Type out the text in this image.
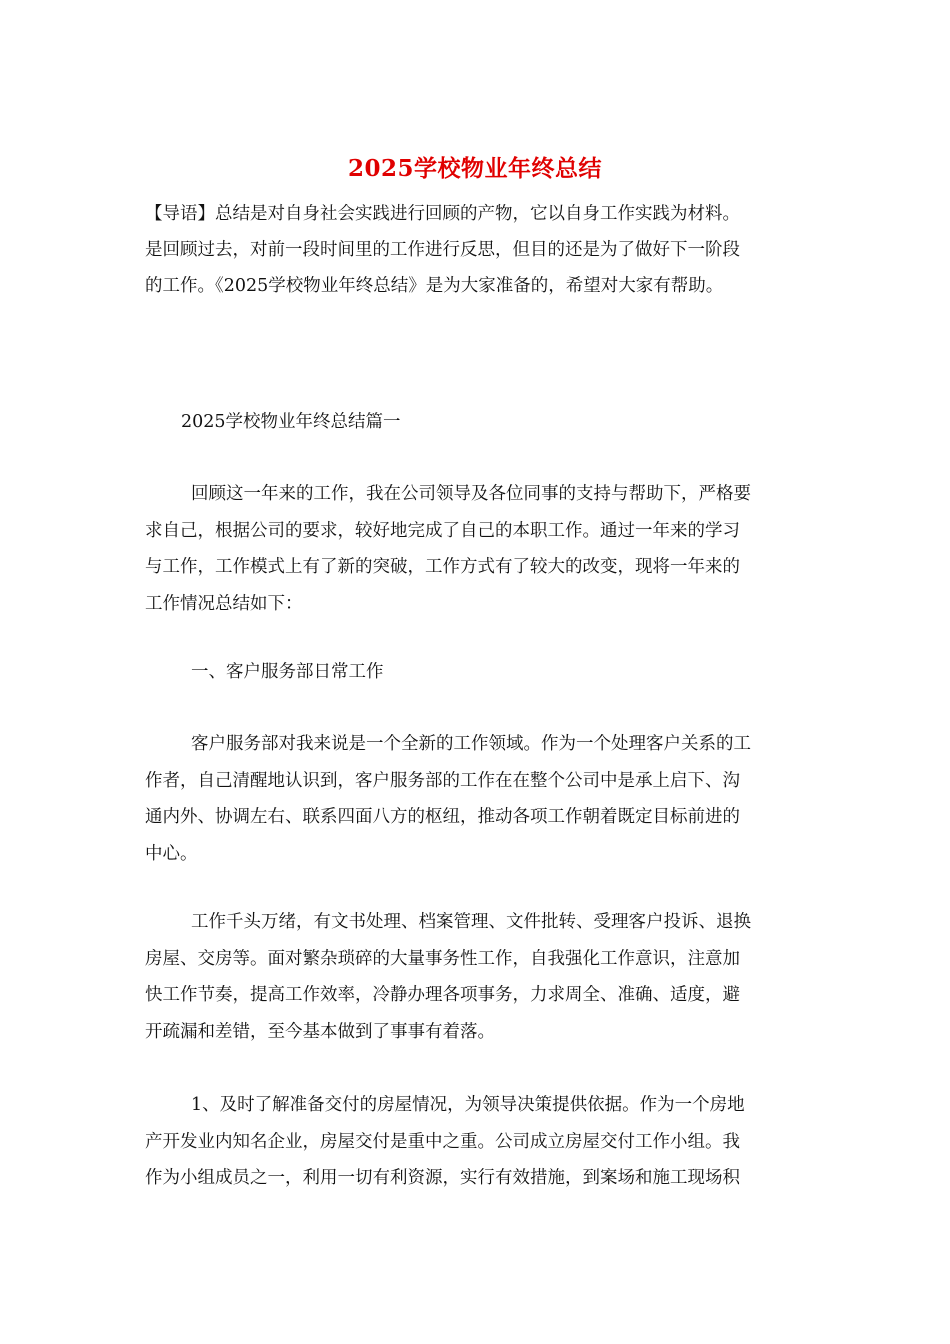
2025学校物业年终总结
【导语】总结是对自身社会实践进行回顾的产物，它以自身工作实践为材料。
是回顾过去，对前一段时间里的工作进行反思，但目的还是为了做好下一阶段
的工作。《2025学校物业年终总结》是为大家准备的，希望对大家有帮助。
2025学校物业年终总结篇一
回顾这一年来的工作，我在公司领导及各位同事的支持与帮助下，严格要
求自己，根据公司的要求，较好地完成了自己的本职工作。通过一年来的学习
与工作，工作模式上有了新的突破，工作方式有了较大的改变，现将一年来的
工作情况总结如下：
一、客户服务部日常工作
客户服务部对我来说是一个全新的工作领域。作为一个处理客户关系的工
作者，自己清醒地认识到，客户服务部的工作在在整个公司中是承上启下、沟
通内外、协调左右、联系四面八方的枢纽，推动各项工作朝着既定目标前进的
中心。
工作千头万绪，有文书处理、档案管理、文件批转、受理客户投诉、退换
房屋、交房等。面对繁杂琐碎的大量事务性工作，自我强化工作意识，注意加
快工作节奏，提高工作效率，冷静办理各项事务，力求周全、准确、适度，避
开疏漏和差错，至今基本做到了事事有着落。
1、及时了解准备交付的房屋情况，为领导决策提供依据。作为一个房地
产开发业内知名企业，房屋交付是重中之重。公司成立房屋交付工作小组。我
作为小组成员之一，利用一切有利资源，实行有效措施，到案场和施工现场积
